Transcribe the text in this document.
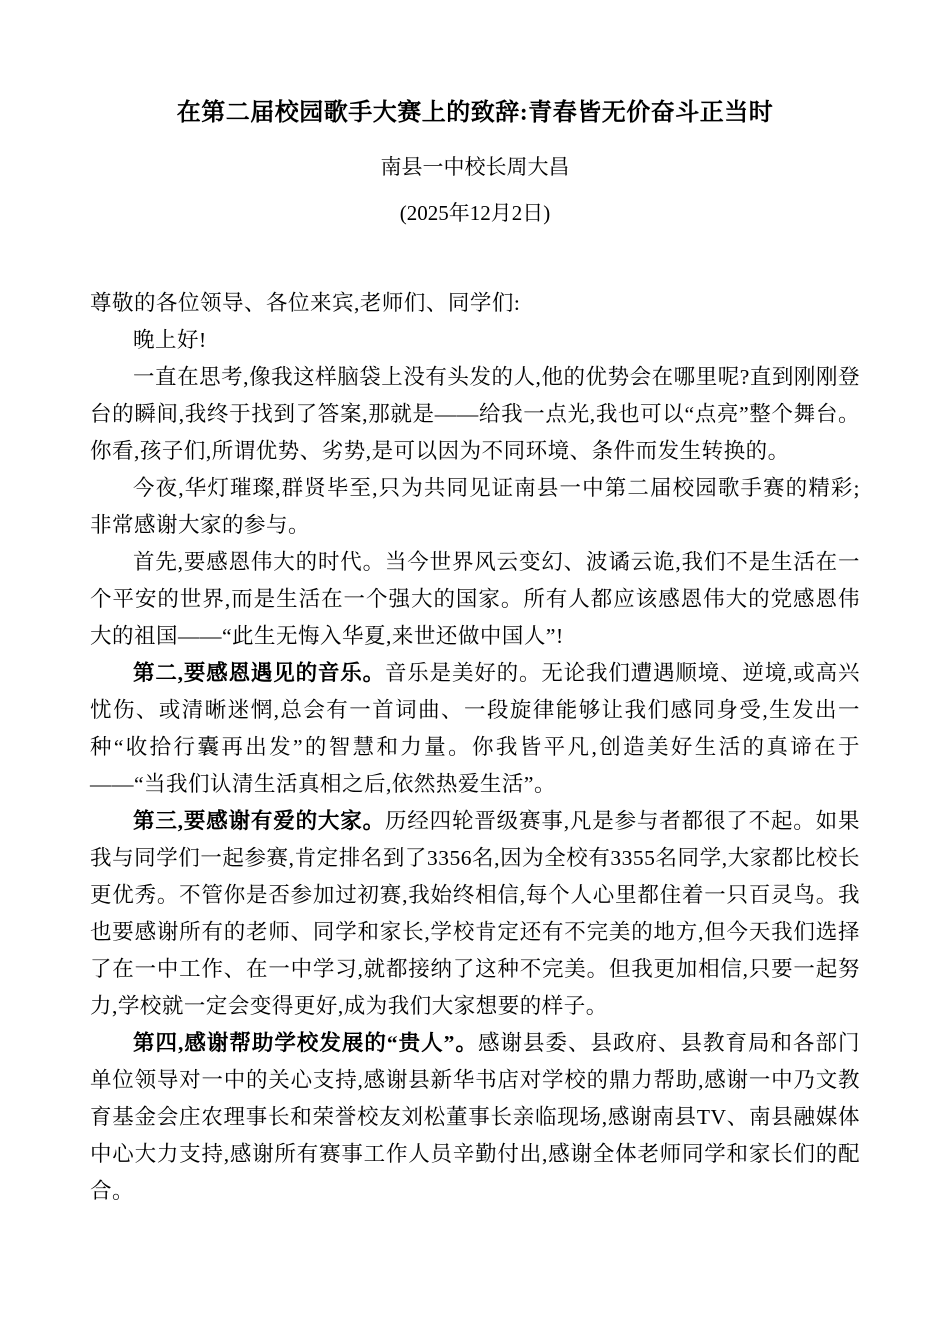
在第二届校园歌手大赛上的致辞:青春皆无价奋斗正当时
南县一中校长周大昌
(2025年12月2日)

尊敬的各位领导、各位来宾,老师们、同学们:

晚上好!

一直在思考,像我这样脑袋上没有头发的人,他的优势会在哪里呢?直到刚刚登台的瞬间,我终于找到了答案,那就是——给我一点光,我也可以“点亮”整个舞台。你看,孩子们,所谓优势、劣势,是可以因为不同环境、条件而发生转换的。

今夜,华灯璀璨,群贤毕至,只为共同见证南县一中第二届校园歌手赛的精彩;非常感谢大家的参与。

首先,要感恩伟大的时代。当今世界风云变幻、波谲云诡,我们不是生活在一个平安的世界,而是生活在一个强大的国家。所有人都应该感恩伟大的党感恩伟大的祖国——“此生无悔入华夏,来世还做中国人”!

第二,要感恩遇见的音乐。音乐是美好的。无论我们遭遇顺境、逆境,或高兴忧伤、或清晰迷惘,总会有一首词曲、一段旋律能够让我们感同身受,生发出一种“收拾行囊再出发”的智慧和力量。你我皆平凡,创造美好生活的真谛在于——“当我们认清生活真相之后,依然热爱生活”。

第三,要感谢有爱的大家。历经四轮晋级赛事,凡是参与者都很了不起。如果我与同学们一起参赛,肯定排名到了3356名,因为全校有3355名同学,大家都比校长更优秀。不管你是否参加过初赛,我始终相信,每个人心里都住着一只百灵鸟。我也要感谢所有的老师、同学和家长,学校肯定还有不完美的地方,但今天我们选择了在一中工作、在一中学习,就都接纳了这种不完美。但我更加相信,只要一起努力,学校就一定会变得更好,成为我们大家想要的样子。

第四,感谢帮助学校发展的“贵人”。感谢县委、县政府、县教育局和各部门单位领导对一中的关心支持,感谢县新华书店对学校的鼎力帮助,感谢一中乃文教育基金会庄农理事长和荣誉校友刘松董事长亲临现场,感谢南县TV、南县融媒体中心大力支持,感谢所有赛事工作人员辛勤付出,感谢全体老师同学和家长们的配合。
